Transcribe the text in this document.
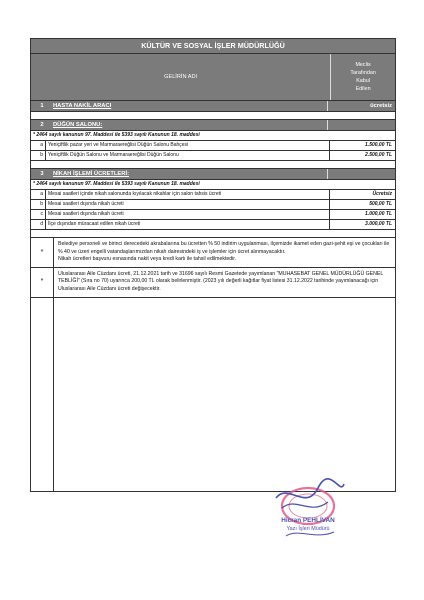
KÜLTÜR VE SOSYAL İŞLER MÜDÜRLÜĞÜ
GELİRİN ADI
Meclis
Tarafından
Kabul
Edilen
1	HASTA NAKİL ARACI	ücretsiz
2	DÜĞÜN SALONU:
* 2464 sayılı kanunun 97. Maddesi ile 5393 sayılı Kanunun 18. maddesi
a	Yeniçiftlik pazar yeri ve Marmaraereğlisi Düğün Salonu Bahçesi	1.500,00 TL
b	Yeniçiftlik Düğün Salonu ve Marmaraereğlisi Düğün Salonu	2.500,00 TL
3	NİKAH İŞLEMİ ÜCRETLERİ:
* 2464 sayılı kanunun 97. Maddesi ile 5393 sayılı Kanunun 18. maddesi
a	Mesai saatleri içinde nikah salonunda kıyılacak nikahlar için salon tahsis ücreti	Ücretsiz
b	Mesai saatleri dışında nikah ücreti	500,00 TL
c	Mesai saatleri dışında nikah ücreti	1.000,00 TL
d	İlçe dışından müracaat edilen nikah ücreti	3.000,00 TL
*

Belediye personeli ve birinci derecedeki akrabalarına bu ücretten % 50 indirim uygulanması, ilçemizde ikamet eden gazi-şehit eşi ve çocukları ile % 40 ve üzeri engelli vatandaşlarımızdan nikah dairesindeki iş ve işlemler için ücret alınmayacaktır.

Nikah ücretleri başvuru esnasında nakit veya kredi kartı ile tahsil edilmektedir.

*

Uluslararası Aile Cüzdanı ücreti, 21.12.2021 tarih ve 31696 sayılı Resmi Gazetede yayımlanan "MUHASEBAT GENEL MÜDÜRLÜĞÜ GENEL TEBLİĞİ" (Sıra no 70) uyarınca 200,00 TL olarak belirlenmiştir. (2023 yılı değerli kağıtlar fiyat listesi 31.12.2022 tarihinde yayımlanacağı için Uluslararası Aile Cüzdanı ücreti değişecektir.

Hicran PEHLİVAN
Yazı İşleri Müdürü
